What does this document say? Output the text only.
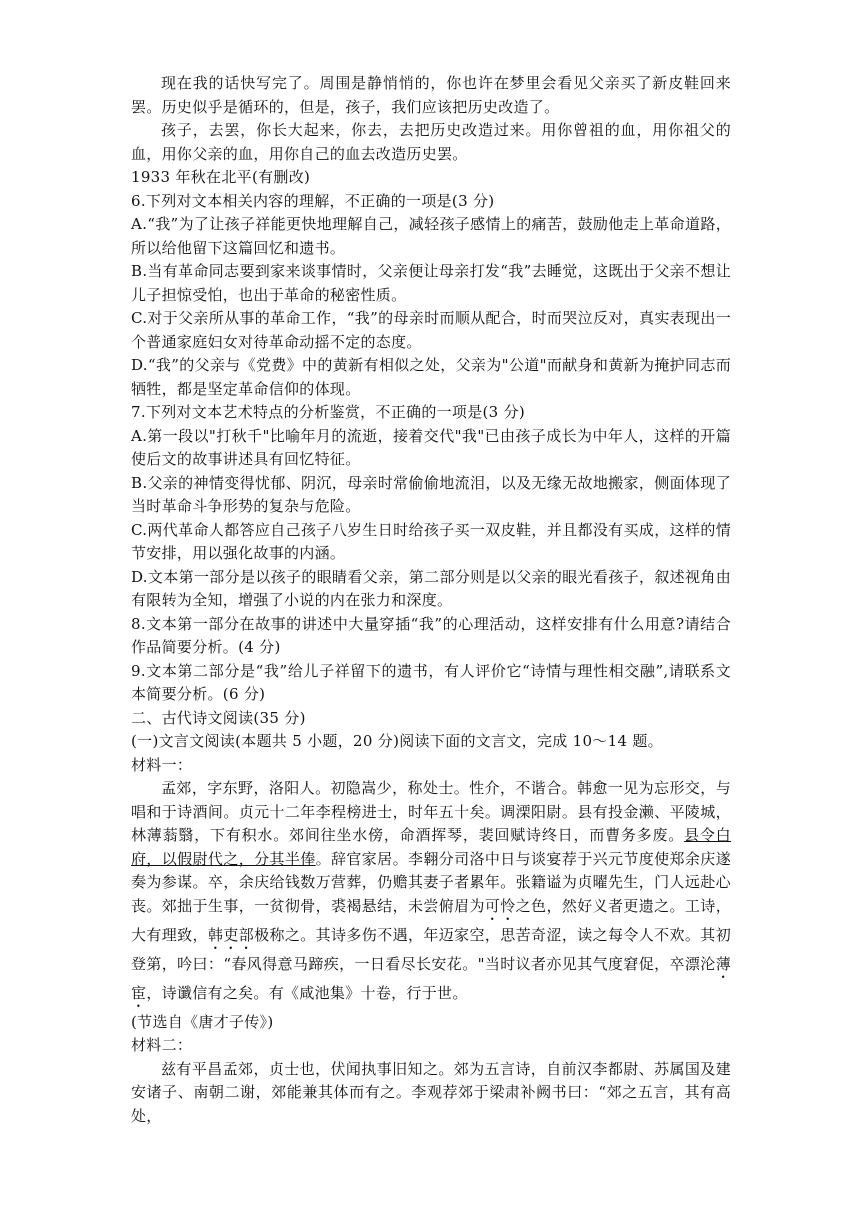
现在我的话快写完了。周围是静悄悄的，你也许在梦里会看见父亲买了新皮鞋回来罢。历史似乎是循环的，但是，孩子，我们应该把历史改造了。

孩子，去罢，你长大起来，你去，去把历史改造过来。用你曾祖的血，用你祖父的血，用你父亲的血，用你自己的血去改造历史罢。

1933 年秋在北平(有删改)

6.下列对文本相关内容的理解，不正确的一项是(3 分)

A.“我”为了让孩子祥能更快地理解自己，减轻孩子感情上的痛苦，鼓励他走上革命道路，所以给他留下这篇回忆和遗书。

B.当有革命同志要到家来谈事情时，父亲便让母亲打发“我”去睡觉，这既出于父亲不想让儿子担惊受怕，也出于革命的秘密性质。

C.对于父亲所从事的革命工作，“我”的母亲时而顺从配合，时而哭泣反对，真实表现出一个普通家庭妇女对待革命动摇不定的态度。

D.“我”的父亲与《党费》中的黄新有相似之处，父亲为"公道"而献身和黄新为掩护同志而牺牲，都是坚定革命信仰的体现。

7.下列对文本艺术特点的分析鉴赏，不正确的一项是(3 分)

A.第一段以"打秋千"比喻年月的流逝，接着交代"我"已由孩子成长为中年人，这样的开篇使后文的故事讲述具有回忆特征。

B.父亲的神情变得忧郁、阴沉，母亲时常偷偷地流泪，以及无缘无故地搬家，侧面体现了当时革命斗争形势的复杂与危险。

C.两代革命人都答应自己孩子八岁生日时给孩子买一双皮鞋，并且都没有买成，这样的情节安排，用以强化故事的内涵。

D.文本第一部分是以孩子的眼睛看父亲，第二部分则是以父亲的眼光看孩子，叙述视角由有限转为全知，增强了小说的内在张力和深度。

8.文本第一部分在故事的讲述中大量穿插“我”的心理活动，这样安排有什么用意?请结合作品简要分析。(4 分)

9.文本第二部分是“我”给儿子祥留下的遗书，有人评价它“诗情与理性相交融”,请联系文本简要分析。(6 分)

二、古代诗文阅读(35 分)

(一)文言文阅读(本题共 5 小题，20 分)阅读下面的文言文，完成 10～14 题。

材料一：

孟郊，字东野，洛阳人。初隐嵩少，称处士。性介，不谐合。韩愈一见为忘形交，与唱和于诗酒间。贞元十二年李程榜进士，时年五十矣。调溧阳尉。县有投金濑、平陵城，林薄蓊翳，下有积水。郊间往坐水傍，命酒挥琴，裴回赋诗终日，而曹务多废。县令白府，以假尉代之，分其半俸。辞官家居。李翱分司洛中日与谈宴荐于兴元节度使郑余庆遂奏为参谋。卒，余庆给钱数万营葬，仍赡其妻子者累年。张籍谥为贞曜先生，门人远赴心丧。郊拙于生事，一贫彻骨，裘褐悬结，未尝俯眉为可怜之色，然好义者更遗之。工诗，大有理致，韩吏部极称之。其诗多伤不遇，年迈家空，思苦奇涩，读之每令人不欢。其初登第，吟曰：“春风得意马蹄疾，一日看尽长安花。"当时议者亦见其气度窘促，卒漂沦薄宦，诗谶信有之矣。有《咸池集》十卷，行于世。

(节选自《唐才子传》)

材料二：

兹有平昌孟郊，贞士也，伏闻执事旧知之。郊为五言诗，自前汉李都尉、苏属国及建安诸子、南朝二谢，郊能兼其体而有之。李观荐郊于梁肃补阙书曰：“郊之五言，其有高处，
